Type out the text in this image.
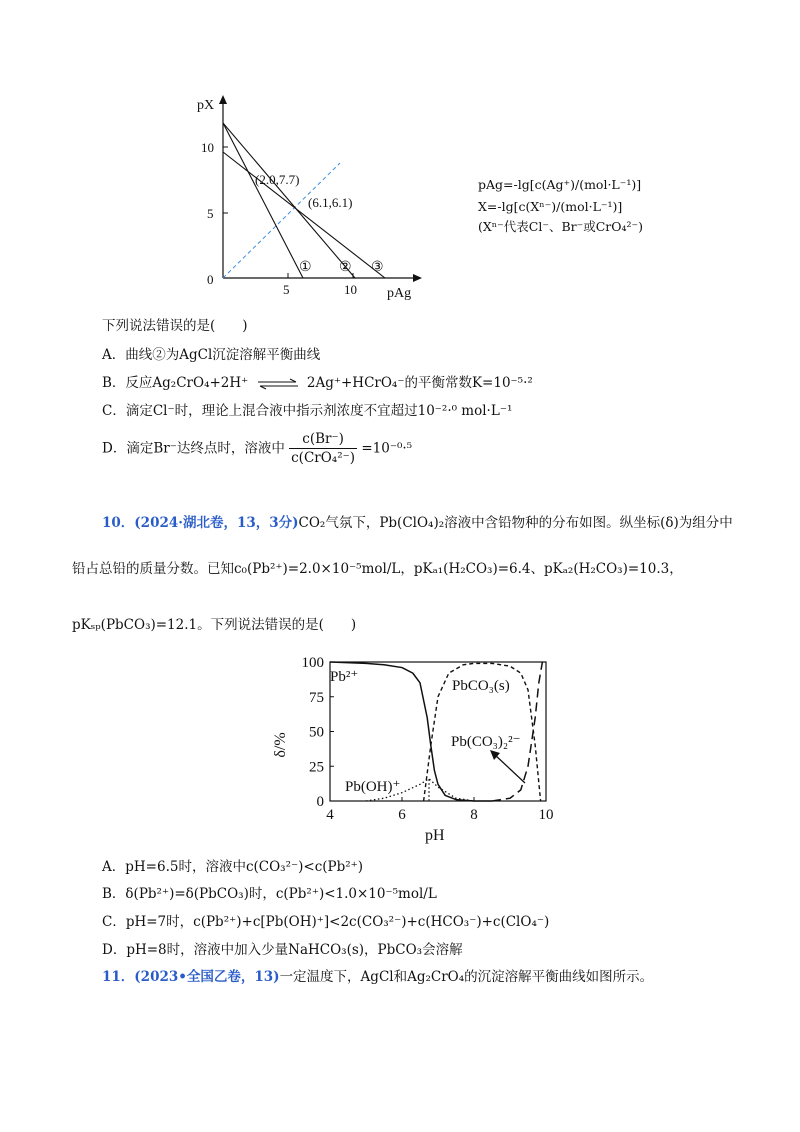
pX
pAg
10
5
0
5	10
(2.0,7.7)
(6.1,6.1)
① ② ③
pAg=-lg[c(Ag⁺)/(mol·L⁻¹)]
X=-lg[c(Xⁿ⁻)/(mol·L⁻¹)]
(Xⁿ⁻代表Cl⁻、Br⁻或CrO₄²⁻)
下列说法错误的是(　　)
A．曲线②为AgCl沉淀溶解平衡曲线
B．反应Ag₂CrO₄+2H⁺ ⇌ 2Ag⁺+HCrO₄⁻的平衡常数K=10⁻⁵·²
C．滴定Cl⁻时，理论上混合液中指示剂浓度不宜超过10⁻²·⁰ mol·L⁻¹
D．滴定Br⁻达终点时，溶液中 $\frac{c(Br^-)}{\text{c(CrO₄²⁻)}} =10^{-0}\cdot^5$
10．(2024·湖北卷，13，3分)CO₂气氛下，Pb(ClO₄)₂溶液中含铅物种的分布如图。纵坐标(δ)为组分中
铅占总铅的质量分数。已知c₀(Pb²⁺)=2.0×10⁻⁵mol/L，pKₐ₁(H₂CO₃)=6.4、pKₐ₂(H₂CO₃)=10.3，
pKₛₚ(PbCO₃)=12.1。下列说法错误的是(　　)
4	6	8	10
0
25
50
75
100
Pb²⁺
PbCO₃(s)
Pb(CO₃)₂²⁻
Pb(OH)⁺
pH
δ/%
A．pH=6.5时，溶液中c(CO₃²⁻)<c(Pb²⁺)
B．δ(Pb²⁺)=δ(PbCO₃)时，c(Pb²⁺)<1.0×10⁻⁵mol/L
C．pH=7时，c(Pb²⁺)+c[Pb(OH)⁺]<2c(CO₃²⁻)+c(HCO₃⁻)+c(ClO₄⁻)
D．pH=8时，溶液中加入少量NaHCO₃(s)，PbCO₃会溶解
11．(2023•全国乙卷，13)一定温度下，AgCl和Ag₂CrO₄的沉淀溶解平衡曲线如图所示。
